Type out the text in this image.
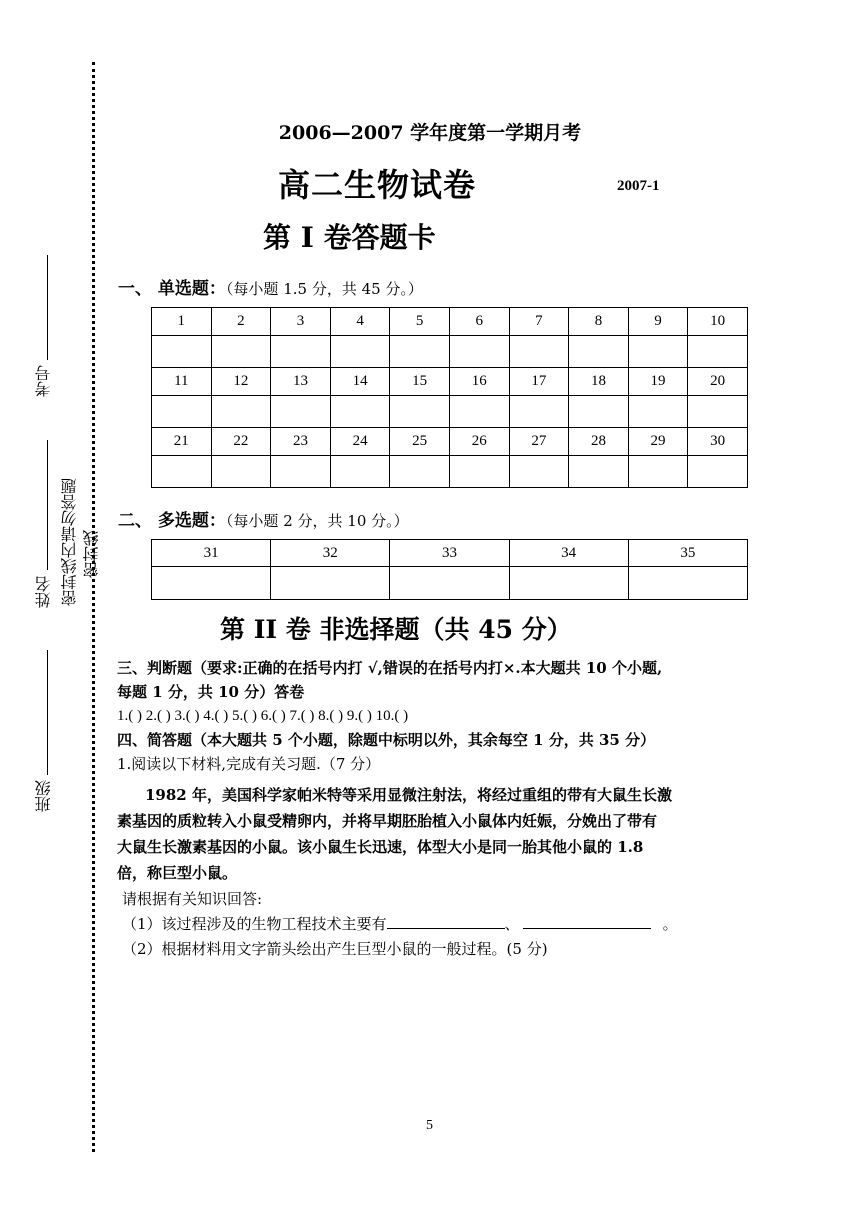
考号
姓名
班级
密封线内请勿答题 密封线
2006—2007 学年度第一学期月考
高二生物试卷	2007-1
第 I 卷答题卡
一、 单选题：（每小题 1.5 分，共 45 分。）
1	2	3	4	5	6	7	8	9	10

11	12	13	14	15	16	17	18	19	20

21	22	23	24	25	26	27	28	29	30

二、 多选题：（每小题 2 分，共 10 分。）
31	32	33	34	35

第 II 卷 非选择题（共 45 分）
三、判断题（要求:正确的在括号内打 √,错误的在括号内打×.本大题共 10 个小题,
每题 1 分，共 10 分）答卷
1.( ) 2.( ) 3.( ) 4.( ) 5.( ) 6.( ) 7.( ) 8.( ) 9.( ) 10.( )
四、简答题（本大题共 5 个小题，除题中标明以外，其余每空 1 分，共 35 分）
1.阅读以下材料,完成有关习题.（7 分）
1982 年，美国科学家帕米特等采用显微注射法，将经过重组的带有大鼠生长激
素基因的质粒转入小鼠受精卵内，并将早期胚胎植入小鼠体内妊娠，分娩出了带有
大鼠生长激素基因的小鼠。该小鼠生长迅速，体型大小是同一胎其他小鼠的 1.8
倍，称巨型小鼠。
请根据有关知识回答:
（1）该过程涉及的生物工程技术主要有	、	。
（2）根据材料用文字箭头绘出产生巨型小鼠的一般过程。(5 分)
5
